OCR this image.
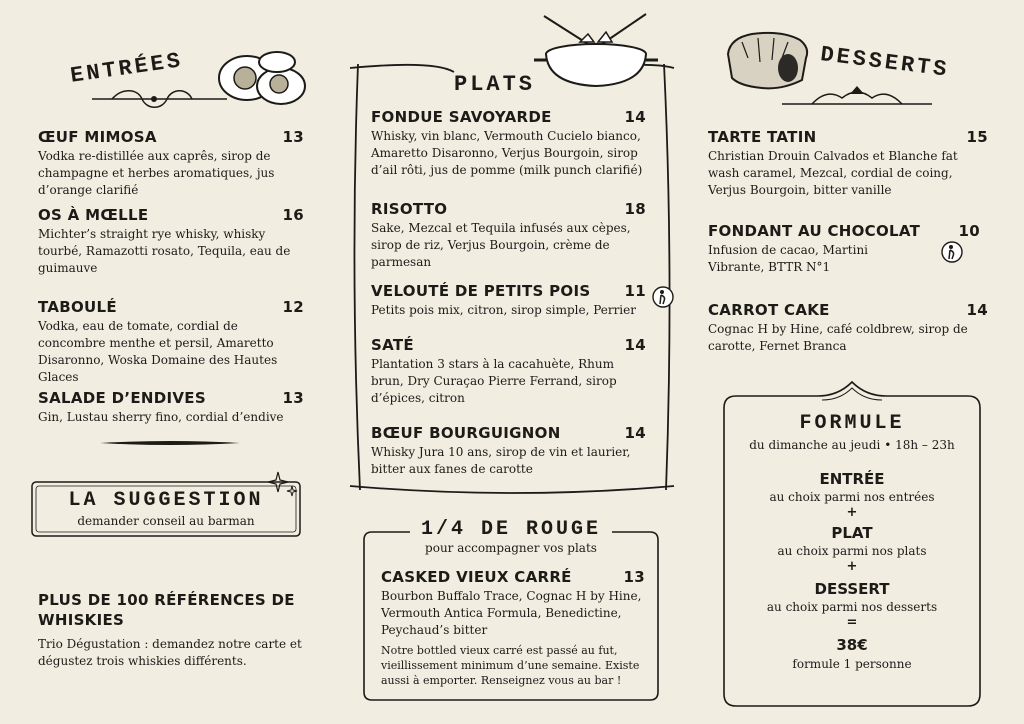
ENTRÉES
ŒUF MIMOSA	13
Vodka re-distillée aux caprês, sirop de champagne et herbes aromatiques, jus d’orange clarifié
OS À MŒLLE	16
Michter’s straight rye whisky, whisky tourbé, Ramazotti rosato, Tequila, eau de guimauve
TABOULÉ	12
Vodka, eau de tomate, cordial de concombre menthe et persil, Amaretto Disaronno, Woska Domaine des Hautes Glaces
SALADE D’ENDIVES	13
Gin, Lustau sherry fino, cordial d’endive
LA SUGGESTION
demander conseil au barman
PLUS DE 100 RÉFÉRENCES DE WHISKIES
Trio Dégustation : demandez notre carte et dégustez trois whiskies différents.
PLATS
FONDUE SAVOYARDE	14
Whisky, vin blanc, Vermouth Cucielo bianco, Amaretto Disaronno, Verjus Bourgoin, sirop d’ail rôti, jus de pomme (milk punch clarifié)
RISOTTO	18
Sake, Mezcal et Tequila infusés aux cèpes, sirop de riz, Verjus Bourgoin, crème de parmesan
VELOUTÉ DE PETITS POIS 11
Petits pois mix, citron, sirop simple, Perrier
SATÉ	14
Plantation 3 stars à la cacahuète, Rhum brun, Dry Curaçao Pierre Ferrand, sirop d’épices, citron
BŒUF BOURGUIGNON	14
Whisky Jura 10 ans, sirop de vin et laurier, bitter aux fanes de carotte
1/4 DE ROUGE
pour accompagner vos plats
CASKED VIEUX CARRÉ	13
Bourbon Buffalo Trace, Cognac H by Hine, Vermouth Antica Formula, Benedictine, Peychaud’s bitter
Notre bottled vieux carré est passé au fut, vieillissement minimum d’une semaine. Existe aussi à emporter. Renseignez vous au bar !
DESSERTS
TARTE TATIN	15
Christian Drouin Calvados et Blanche fat wash caramel, Mezcal, cordial de coing, Verjus Bourgoin, bitter vanille
FONDANT AU CHOCOLAT	10
Infusion de cacao, Martini Vibrante, BTTR N°1
CARROT CAKE	14
Cognac H by Hine, café coldbrew, sirop de carotte, Fernet Branca
FORMULE
du dimanche au jeudi • 18h – 23h
ENTRÉE
au choix parmi nos entrées
+
PLAT
au choix parmi nos plats
+
DESSERT
au choix parmi nos desserts
=
38€
formule 1 personne
